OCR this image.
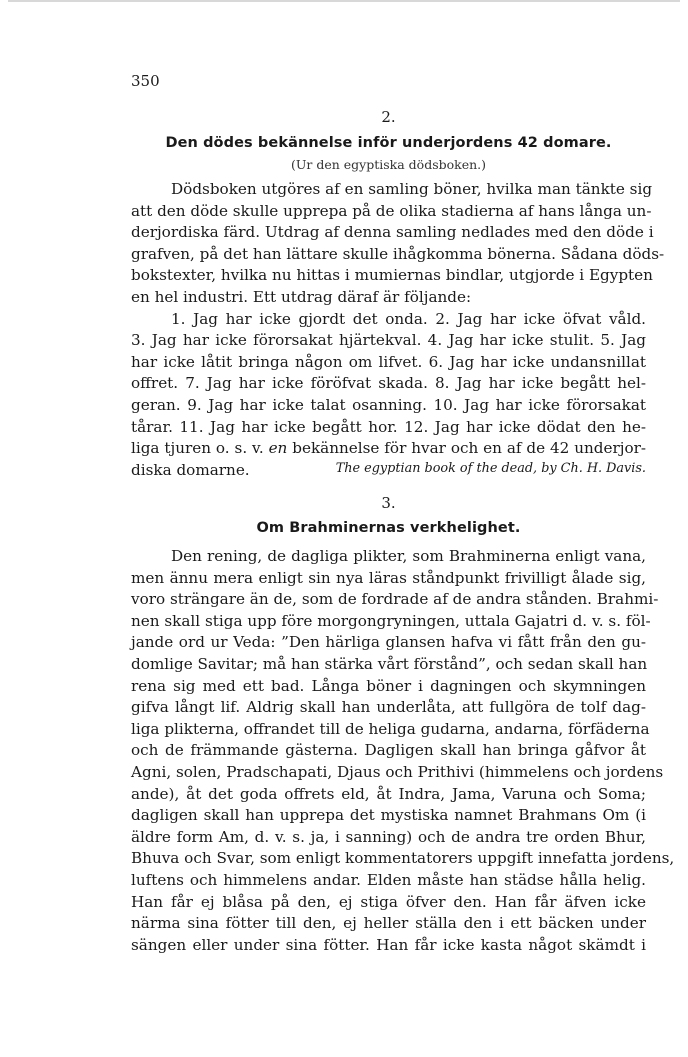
350
2.
Den dödes bekännelse inför underjordens 42 domare.
(Ur den egyptiska dödsboken.)
Dödsboken utgöres af en samling böner, hvilka man tänkte sig
att den döde skulle upprepa på de olika stadierna af hans långa un-
derjordiska färd. Utdrag af denna samling nedlades med den döde i
grafven, på det han lättare skulle ihågkomma bönerna. Sådana döds-
bokstexter, hvilka nu hittas i mumiernas bindlar, utgjorde i Egypten
en hel industri. Ett utdrag däraf är följande:
1. Jag har icke gjordt det onda. 2. Jag har icke öfvat våld.
3. Jag har icke förorsakat hjärtekval. 4. Jag har icke stulit. 5. Jag
har icke låtit bringa någon om lifvet. 6. Jag har icke undansnillat
offret. 7. Jag har icke föröfvat skada. 8. Jag har icke begått hel-
geran. 9. Jag har icke talat osanning. 10. Jag har icke förorsakat
tårar. 11. Jag har icke begått hor. 12. Jag har icke dödat den he-
liga tjuren o. s. v. en bekännelse för hvar och en af de 42 underjor-
diska domarne.	The egyptian book of the dead, by Ch. H. Davis.
3.
Om Brahminernas verkhelighet.
Den rening, de dagliga plikter, som Brahminerna enligt vana,
men ännu mera enligt sin nya läras ståndpunkt frivilligt ålade sig,
voro strängare än de, som de fordrade af de andra stånden. Brahmi-
nen skall stiga upp före morgongryningen, uttala Gajatri d. v. s. föl-
jande ord ur Veda: ”Den härliga glansen hafva vi fått från den gu-
domlige Savitar; må han stärka vårt förstånd”, och sedan skall han
rena sig med ett bad. Långa böner i dagningen och skymningen
gifva långt lif. Aldrig skall han underlåta, att fullgöra de tolf dag-
liga plikterna, offrandet till de heliga gudarna, andarna, förfäderna
och de främmande gästerna. Dagligen skall han bringa gåfvor åt
Agni, solen, Pradschapati, Djaus och Prithivi (himmelens och jordens
ande), åt det goda offrets eld, åt Indra, Jama, Varuna och Soma;
dagligen skall han upprepa det mystiska namnet Brahmans Om (i
äldre form Am, d. v. s. ja, i sanning) och de andra tre orden Bhur,
Bhuva och Svar, som enligt kommentatorers uppgift innefatta jordens,
luftens och himmelens andar. Elden måste han städse hålla helig.
Han får ej blåsa på den, ej stiga öfver den. Han får äfven icke
närma sina fötter till den, ej heller ställa den i ett bäcken under
sängen eller under sina fötter. Han får icke kasta något skämdt i
